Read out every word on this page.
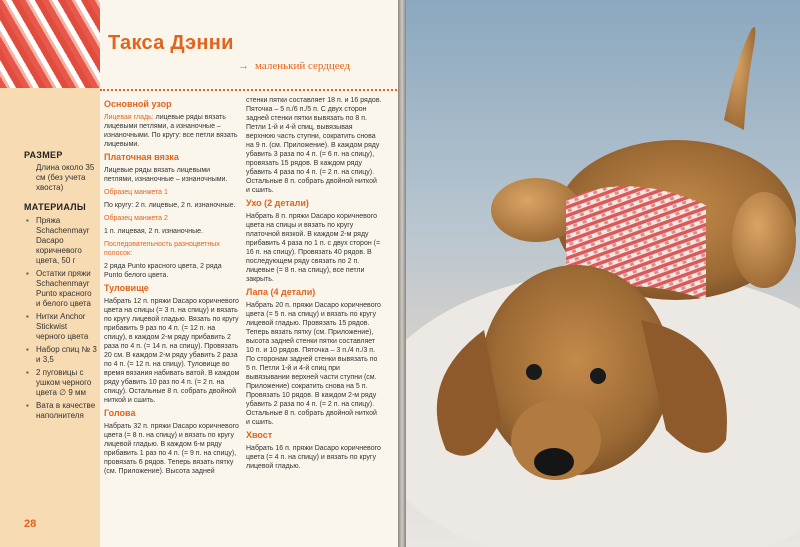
Такса Дэнни
→ маленький сердцеед
РАЗМЕР
Длина около 35 см (без учета хвоста)
МАТЕРИАЛЫ
▪ Пряжа Schachenmayr Dacapo коричневого цвета, 50 г
▪ Остатки пряжи Schachenmayr Punto красного и белого цвета
▪ Нитки Anchor Stickwist черного цвета
▪ Набор спиц № 3 и 3,5
▪ 2 пуговицы с ушком черного цвета ∅ 9 мм
▪ Вата в качестве наполнителя
28
Основной узор

Лицевая гладь: лицевые ряды вязать лицевыми петлями, а изнаночные – изнаночными. По кругу: все петли вязать лицевыми.

Платочная вязка

Лицевые ряды вязать лицевыми петлями, изнаночные – изнаночными.

Образец манжета 1

По кругу: 2 п. лицевые, 2 п. изнаночные.

Образец манжета 2

1 п. лицевая, 2 п. изнаночные.

Последовательность разноцветных полосок:

2 ряда Punto красного цвета, 2 ряда Punto белого цвета.

Туловище

Набрать 12 п. пряжи Dacapo коричневого цвета на спицы (= 3 п. на спицу) и вязать по кругу лицевой гладью. Вязать по кругу прибавить 9 раз по 4 п. (= 12 п. на спицу), в каждом 2-м ряду прибавить 2 раза по 4 п. (= 14 п. на спицу). Провязать 20 см. В каждом 2-м ряду убавить 2 раза по 4 п. (= 12 п. на спицу). Туловище во время вязания набивать ватой. В каждом ряду убавить 10 раз по 4 п. (= 2 п. на спицу). Остальные 8 п. собрать двойной ниткой и сшить.

Голова

Набрать 32 п. пряжи Dacapo коричневого цвета (= 8 п. на спицу) и вязать по кругу лицевой гладью. В каждом 6-м ряду прибавить 1 раз по 4 п. (= 9 п. на спицу), провязать 6 рядов. Теперь вязать пятку (см. Приложение). Высота задней

стенки пятки составляет 18 п. и 16 рядов. Пяточка – 5 п./6 п./5 п. С двух сторон задней стенки пятки вывязать по 8 п. Петли 1-й и 4-й спиц, вывязывая верхнюю часть ступни, сократить снова на 9 п. (см. Приложение). В каждом ряду убавить 3 раза по 4 п. (= 6 п. на спицу), провязать 15 рядов. В каждом ряду убавить 4 раза по 4 п. (= 2 п. на спицу). Остальные 8 п. собрать двойной ниткой и сшить.

Ухо (2 детали)

Набрать 8 п. пряжи Dacapo коричневого цвета на спицы и вязать по кругу платочной вязкой. В каждом 2-м ряду прибавить 4 раза по 1 п. с двух сторон (= 16 п. на спицу). Провязать 40 рядов. В последующем ряду связать по 2 п. лицевые (= 8 п. на спицу), все петли закрыть.

Лапа (4 детали)

Набрать 20 п. пряжи Dacapo коричневого цвета (= 5 п. на спицу) и вязать по кругу лицевой гладью. Провязать 15 рядов. Теперь вязать пятку (см. Приложение), высота задней стенки пятки составляет 10 п. и 10 рядов. Пяточка – 3 п./4 п./3 п. По сторонам задней стенки вывязать по 5 п. Петли 1-й и 4-й спиц при вывязывании верхней части ступни (см. Приложение) сократить снова на 5 п. Провязать 10 рядов. В каждом 2-м ряду убавить 2 раза по 4 п. (= 2 п. на спицу). Остальные 8 п. собрать двойной ниткой и сшить.

Хвост

Набрать 16 п. пряжи Dacapo коричневого цвета (= 4 п. на спицу) и вязать по кругу лицевой гладью.
